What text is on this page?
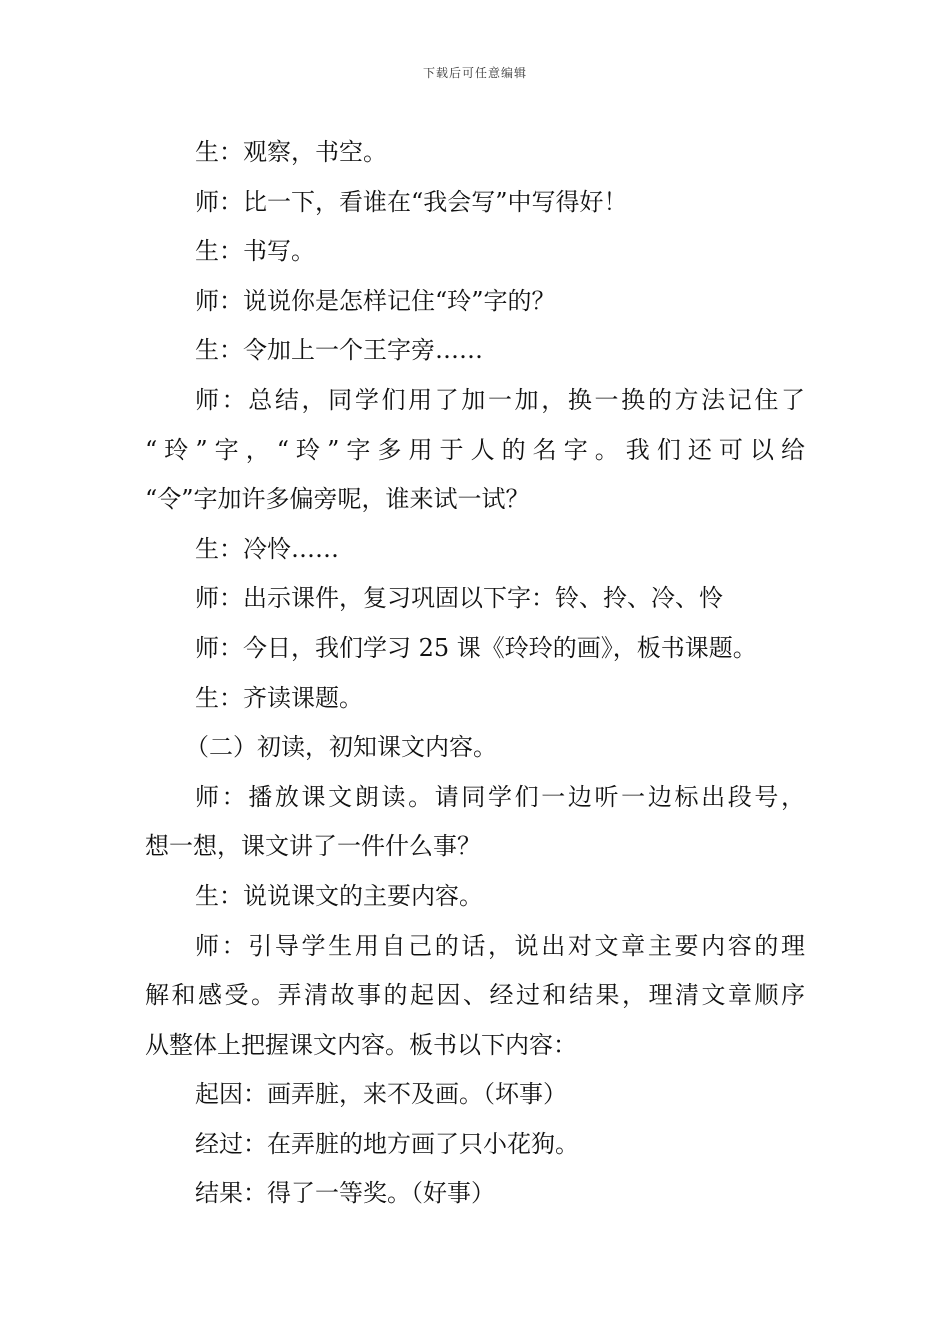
下载后可任意编辑

生：观察，书空。

师：比一下，看谁在“我会写”中写得好！

生：书写。

师：说说你是怎样记住“玲”字的？

生：令加上一个王字旁……

师：总结，同学们用了加一加，换一换的方法记住了

“玲”字，“玲”字多用于人的名字。我们还可以给

“令”字加许多偏旁呢，谁来试一试？

生：冷怜……

师：出示课件，复习巩固以下字：铃、拎、冷、怜

师：今日，我们学习 25 课《玲玲的画》，板书课题。

生：齐读课题。

（二）初读，初知课文内容。

师：播放课文朗读。请同学们一边听一边标出段号，

想一想，课文讲了一件什么事？

生：说说课文的主要内容。

师：引导学生用自己的话，说出对文章主要内容的理

解和感受。弄清故事的起因、经过和结果，理清文章顺序

从整体上把握课文内容。板书以下内容：

起因：画弄脏，来不及画。（坏事）

经过：在弄脏的地方画了只小花狗。

结果：得了一等奖。（好事）
